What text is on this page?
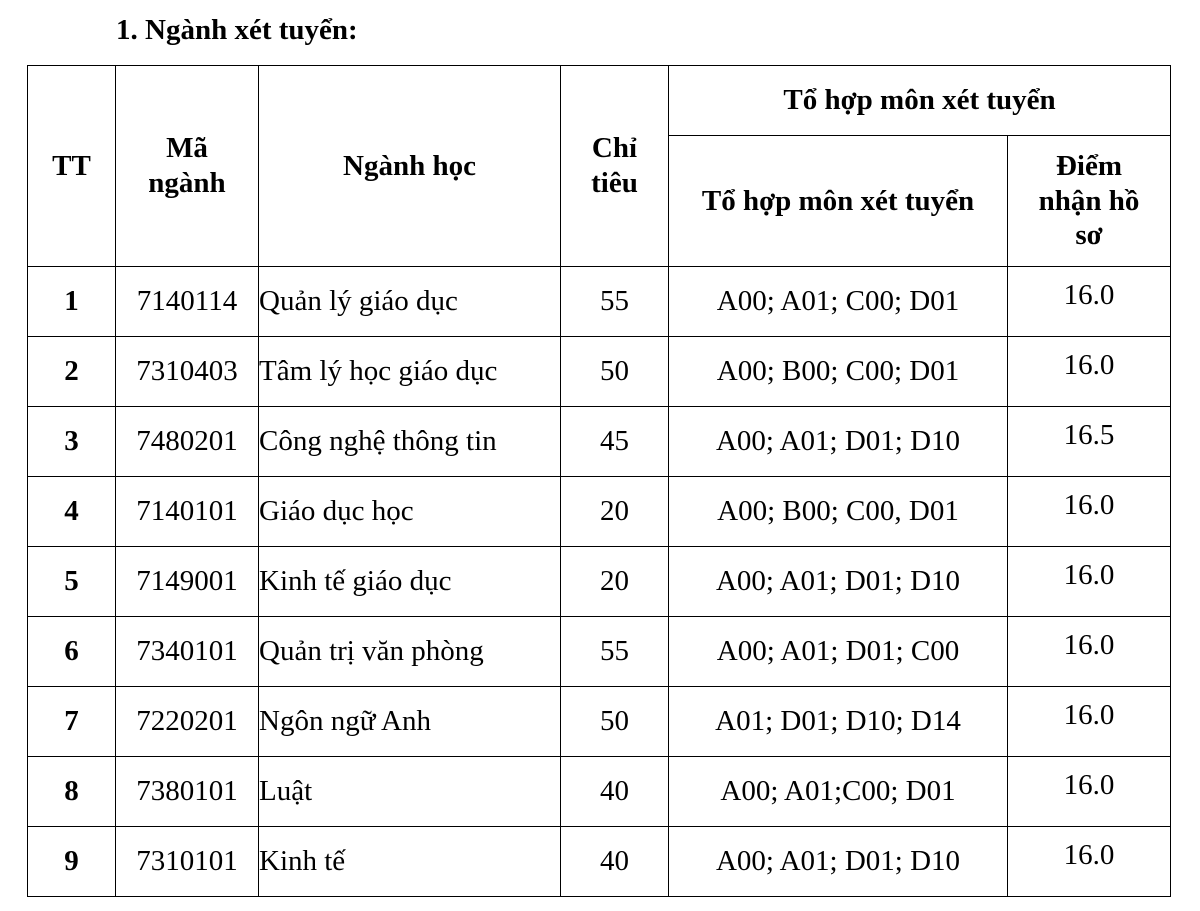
1. Ngành xét tuyển:
TT	Mã ngành	Ngành học	Chỉ tiêu	Tổ hợp môn xét tuyển	
				Tổ hợp môn xét tuyển	Điểm nhận hồ sơ

1	7140114	Quản lý giáo dục	55	A00; A01; C00; D01	16.0
2	7310403	Tâm lý học giáo dục	50	A00; B00; C00; D01	16.0
3	7480201	Công nghệ thông tin	45	A00; A01; D01; D10	16.5
4	7140101	Giáo dục học	20	A00; B00; C00, D01	16.0
5	7149001	Kinh tế giáo dục	20	A00; A01; D01; D10	16.0
6	7340101	Quản trị văn phòng	55	A00; A01; D01; C00	16.0
7	7220201	Ngôn ngữ Anh	50	A01; D01; D10; D14	16.0
8	7380101	Luật	40	A00; A01;C00; D01	16.0
9	7310101	Kinh tế	40	A00; A01; D01; D10	16.0
